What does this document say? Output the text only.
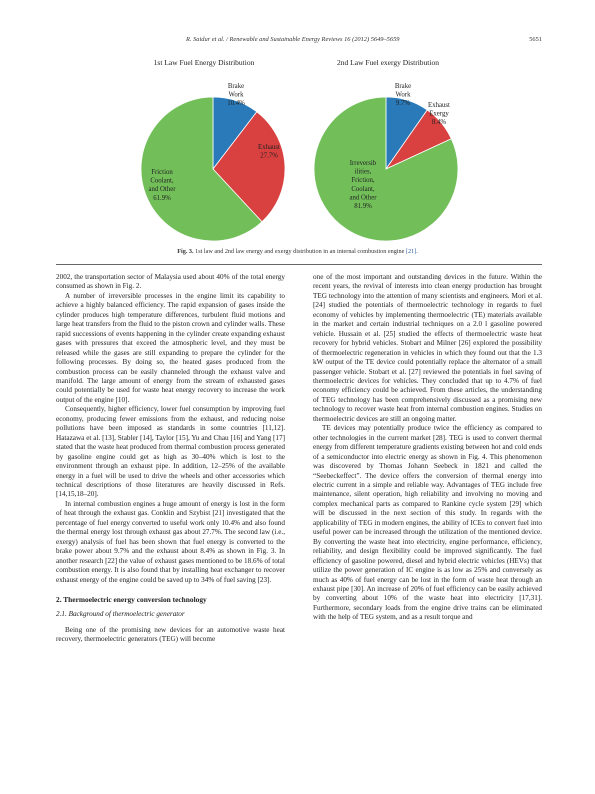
R. Saidur et al. / Renewable and Sustainable Energy Reviews 16 (2012) 5649–5659	5651
1st Law Fuel Energy Distribution
Brake Work 10.4%
Exhaust 27.7%
Friction Coolant, and Other 61.9%
2nd Law Fuel exergy Distribution
Brake Work 9.7%	Exhaust Exergy 8.4%
Irreversib ilities, Friction, Coolant, and Other 81.9%
Fig. 3. 1st law and 2nd law energy and exergy distribution in an internal combustion engine [21].

2002, the transportation sector of Malaysia used about 40% of the total energy consumed as shown in Fig. 2.

A number of irreversible processes in the engine limit its capability to achieve a highly balanced efficiency. The rapid expansion of gases inside the cylinder produces high temperature differences, turbulent fluid motions and large heat transfers from the fluid to the piston crown and cylinder walls. These rapid successions of events happening in the cylinder create expanding exhaust gases with pressures that exceed the atmospheric level, and they must be released while the gases are still expanding to prepare the cylinder for the following processes. By doing so, the heated gases produced from the combustion process can be easily channeled through the exhaust valve and manifold. The large amount of energy from the stream of exhausted gases could potentially be used for waste heat energy recovery to increase the work output of the engine [10].

Consequently, higher efficiency, lower fuel consumption by improving fuel economy, producing fewer emissions from the exhaust, and reducing noise pollutions have been imposed as standards in some countries [11,12]. Hatazawa et al. [13], Stabler [14], Taylor [15], Yu and Chau [16] and Yang [17] stated that the waste heat produced from thermal combustion process generated by gasoline engine could get as high as 30–40% which is lost to the environment through an exhaust pipe. In addition, 12–25% of the available energy in a fuel will be used to drive the wheels and other accessories which technical descriptions of those literatures are heavily discussed in Refs. [14,15,18–20].

In internal combustion engines a huge amount of energy is lost in the form of heat through the exhaust gas. Conklin and Szybist [21] investigated that the percentage of fuel energy converted to useful work only 10.4% and also found the thermal energy lost through exhaust gas about 27.7%. The second law (i.e., exergy) analysis of fuel has been shown that fuel energy is converted to the brake power about 9.7% and the exhaust about 8.4% as shown in Fig. 3. In another research [22] the value of exhaust gases mentioned to be 18.6% of total combustion energy. It is also found that by installing heat exchanger to recover exhaust energy of the engine could be saved up to 34% of fuel saving [23].

2. Thermoelectric energy conversion technology
2.1. Background of thermoelectric generator

Being one of the promising new devices for an automotive waste heat recovery, thermoelectric generators (TEG) will become

one of the most important and outstanding devices in the future. Within the recent years, the revival of interests into clean energy production has brought TEG technology into the attention of many scientists and engineers. Mori et al. [24] studied the potentials of thermoelectric technology in regards to fuel economy of vehicles by implementing thermoelectric (TE) materials available in the market and certain industrial techniques on a 2.0 l gasoline powered vehicle. Hussain et al. [25] studied the effects of thermoelectric waste heat recovery for hybrid vehicles. Stobart and Milner [26] explored the possibility of thermoelectric regeneration in vehicles in which they found out that the 1.3 kW output of the TE device could potentially replace the alternator of a small passenger vehicle. Stobart et al. [27] reviewed the potentials in fuel saving of thermoelectric devices for vehicles. They concluded that up to 4.7% of fuel economy efficiency could be achieved. From these articles, the understanding of TEG technology has been comprehensively discussed as a promising new technology to recover waste heat from internal combustion engines. Studies on thermoelectric devices are still an ongoing matter.

TE devices may potentially produce twice the efficiency as compared to other technologies in the current market [28]. TEG is used to convert thermal energy from different temperature gradients existing between hot and cold ends of a semiconductor into electric energy as shown in Fig. 4. This phenomenon was discovered by Thomas Johann Seebeck in 1821 and called the “Seebeckeffect”. The device offers the conversion of thermal energy into electric current in a simple and reliable way. Advantages of TEG include free maintenance, silent operation, high reliability and involving no moving and complex mechanical parts as compared to Rankine cycle system [29] which will be discussed in the next section of this study. In regards with the applicability of TEG in modern engines, the ability of ICEs to convert fuel into useful power can be increased through the utilization of the mentioned device. By converting the waste heat into electricity, engine performance, efficiency, reliability, and design flexibility could be improved significantly. The fuel efficiency of gasoline powered, diesel and hybrid electric vehicles (HEVs) that utilize the power generation of IC engine is as low as 25% and conversely as much as 40% of fuel energy can be lost in the form of waste heat through an exhaust pipe [30]. An increase of 20% of fuel efficiency can be easily achieved by converting about 10% of the waste heat into electricity [17,31]. Furthermore, secondary loads from the engine drive trains can be eliminated with the help of TEG system, and as a result torque and
